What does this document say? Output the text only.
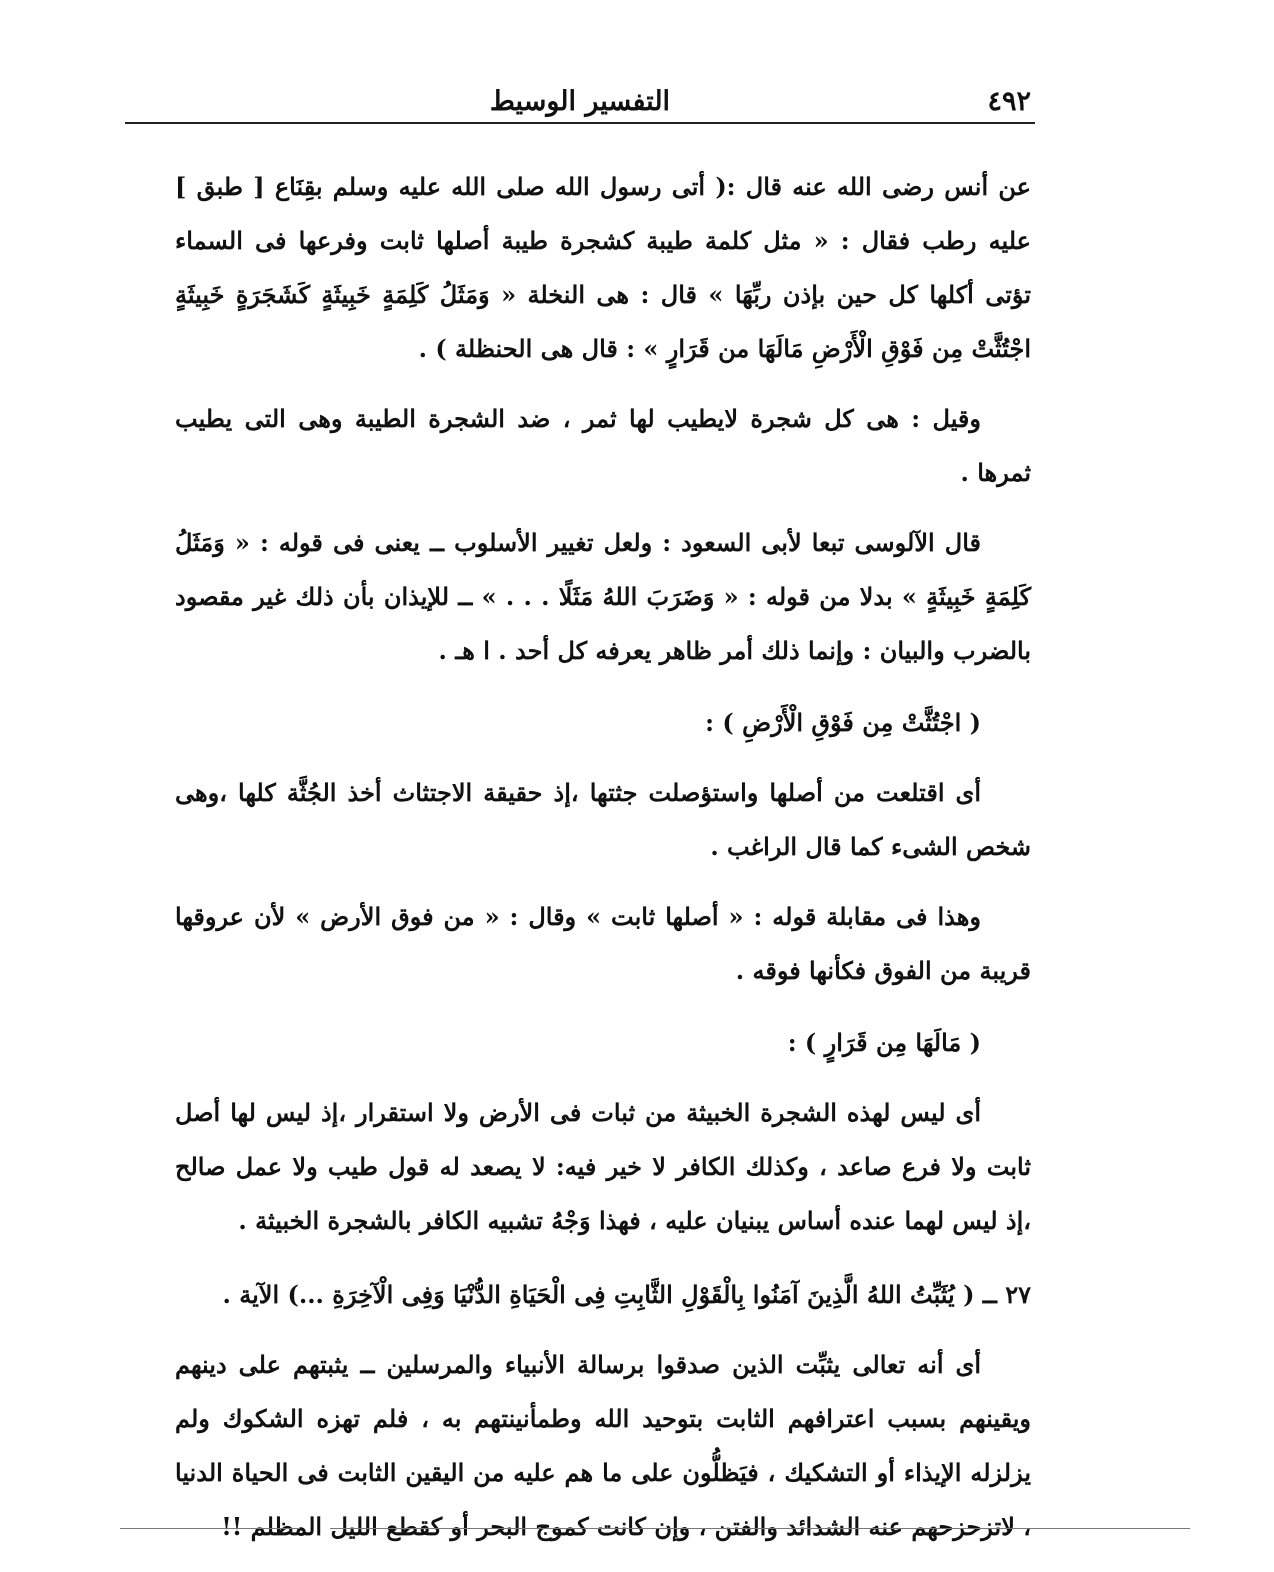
٤٩٢
التفسير الوسيط

عن أنس رضى الله عنه قال :( أتى رسول الله صلى الله عليه وسلم بقِنَاع [ طبق ] عليه رطب فقال : « مثل كلمة طيبة كشجرة طيبة أصلها ثابت وفرعها فى السماء تؤتى أكلها كل حين بإذن ربِّهَا » قال : هى النخلة « وَمَثَلُ كَلِمَةٍ خَبِيثَةٍ كَشَجَرَةٍ خَبِيثَةٍ اجْتُثَّتْ مِن فَوْقِ الْأَرْضِ مَالَهَا من قَرَارٍ » : قال هى الحنظلة ) .

وقيل : هى كل شجرة لايطيب لها ثمر ، ضد الشجرة الطيبة وهى التى يطيب ثمرها .

قال الآلوسى تبعا لأبى السعود : ولعل تغيير الأسلوب ــ يعنى فى قوله : « وَمَثَلُ كَلِمَةٍ خَبِيثَةٍ » بدلا من قوله : « وَضَرَبَ اللهُ مَثَلًا . . . » ــ للإيذان بأن ذلك غير مقصود بالضرب والبيان : وإنما ذلك أمر ظاهر يعرفه كل أحد . ا هـ .

( اجْتُثَّتْ مِن فَوْقِ الْأَرْضِ ) :

أى اقتلعت من أصلها واستؤصلت جثتها ،إذ حقيقة الاجتثاث أخذ الجُثَّة كلها ،وهى شخص الشىء كما قال الراغب .

وهذا فى مقابلة قوله : « أصلها ثابت » وقال : « من فوق الأرض » لأن عروقها قريبة من الفوق فكأنها فوقه .

( مَالَهَا مِن قَرَارٍ ) :

أى ليس لهذه الشجرة الخبيثة من ثبات فى الأرض ولا استقرار ،إذ ليس لها أصل ثابت ولا فرع صاعد ، وكذلك الكافر لا خير فيه: لا يصعد له قول طيب ولا عمل صالح ،إذ ليس لهما عنده أساس يبنيان عليه ، فهذا وَجْهُ تشبيه الكافر بالشجرة الخبيثة .

٢٧ ــ ( يُثَبِّتُ اللهُ الَّذِينَ آمَنُوا بِالْقَوْلِ الثَّابِتِ فِى الْحَيَاةِ الدُّنْيَا وَفِى الْآخِرَةِ ...) الآية .

أى أنه تعالى يثبِّت الذين صدقوا برسالة الأنبياء والمرسلين ــ يثبتهم على دينهم ويقينهم بسبب اعترافهم الثابت بتوحيد الله وطمأنينتهم به ، فلم تهزه الشكوك ولم يزلزله الإيذاء أو التشكيك ، فيَظلُّون على ما هم عليه من اليقين الثابت فى الحياة الدنيا ، لاتزحزحهم عنه الشدائد والفتن ، وإن كانت كموج البحر أو كقطع الليل المظلم !!
